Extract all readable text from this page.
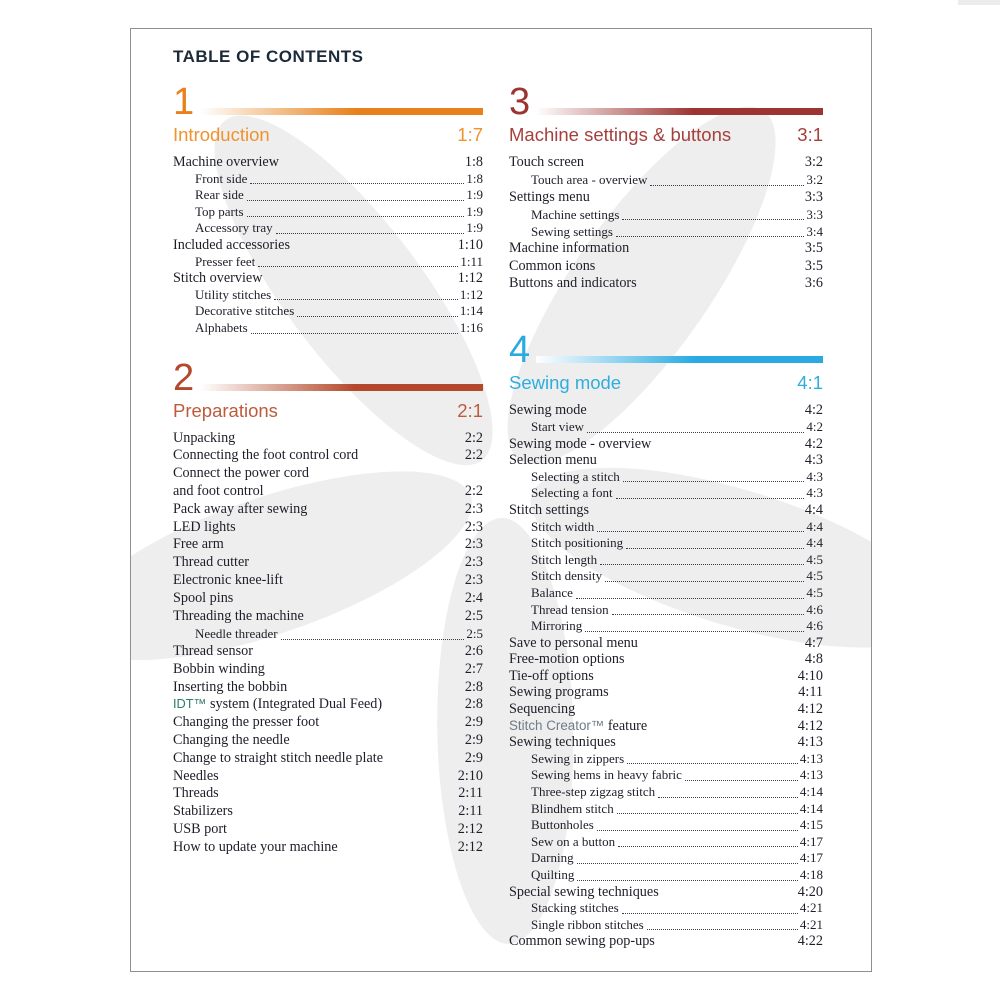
TABLE OF CONTENTS
1
Introduction	1:7
Machine overview	1:8
Front side	1:8
Rear side	1:9
Top parts	1:9
Accessory tray	1:9
Included accessories	1:10
Presser feet	1:11
Stitch overview	1:12
Utility stitches	1:12
Decorative stitches	1:14
Alphabets	1:16
2
Preparations	2:1
Unpacking	2:2
Connecting the foot control cord	2:2
Connect the power cord
and foot control	2:2
Pack away after sewing	2:3
LED lights	2:3
Free arm	2:3
Thread cutter	2:3
Electronic knee-lift	2:3
Spool pins	2:4
Threading the machine	2:5
Needle threader	2:5
Thread sensor	2:6
Bobbin winding	2:7
Inserting the bobbin	2:8
IDT™ system (Integrated Dual Feed)	2:8
Changing the presser foot	2:9
Changing the needle	2:9
Change to straight stitch needle plate	2:9
Needles	2:10
Threads	2:11
Stabilizers	2:11
USB port	2:12
How to update your machine	2:12
3
Machine settings & buttons	3:1
Touch screen	3:2
Touch area - overview	3:2
Settings menu	3:3
Machine settings	3:3
Sewing settings	3:4
Machine information	3:5
Common icons	3:5
Buttons and indicators	3:6
4
Sewing mode	4:1
Sewing mode	4:2
Start view	4:2
Sewing mode - overview	4:2
Selection menu	4:3
Selecting a stitch	4:3
Selecting a font	4:3
Stitch settings	4:4
Stitch width	4:4
Stitch positioning	4:4
Stitch length	4:5
Stitch density	4:5
Balance	4:5
Thread tension	4:6
Mirroring	4:6
Save to personal menu	4:7
Free-motion options	4:8
Tie-off options	4:10
Sewing programs	4:11
Sequencing	4:12
Stitch Creator™ feature	4:12
Sewing techniques	4:13
Sewing in zippers	4:13
Sewing hems in heavy fabric	4:13
Three-step zigzag stitch	4:14
Blindhem stitch	4:14
Buttonholes	4:15
Sew on a button	4:17
Darning	4:17
Quilting	4:18
Special sewing techniques	4:20
Stacking stitches	4:21
Single ribbon stitches	4:21
Common sewing pop-ups	4:22
